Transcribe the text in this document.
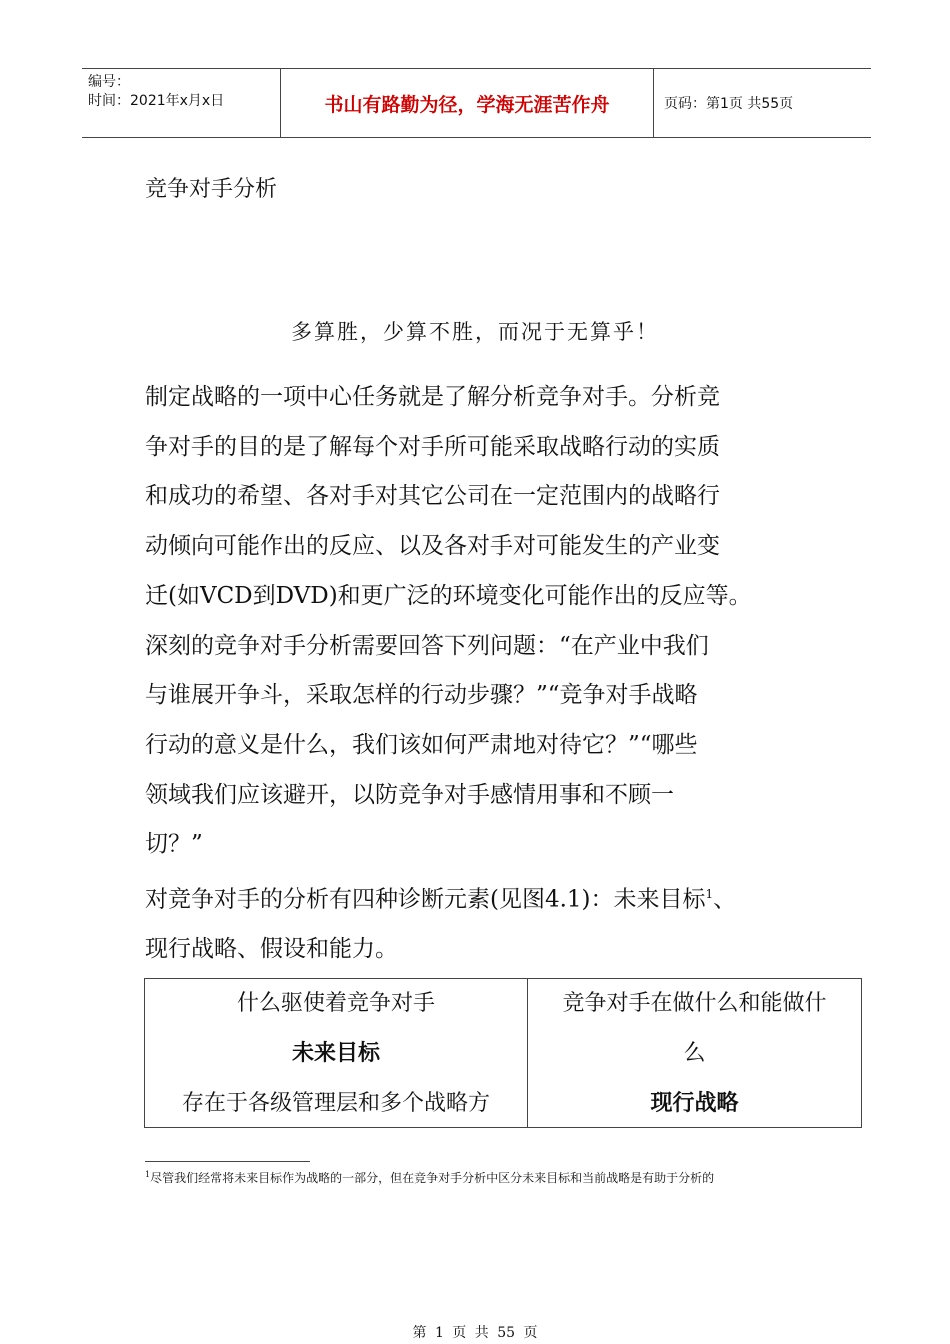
编号：
时间：2021年x月x日	书山有路勤为径，学海无涯苦作舟	页码：第1页 共55页
竞争对手分析
多算胜，少算不胜，而况于无算乎！
制定战略的一项中心任务就是了解分析竞争对手。分析竞
争对手的目的是了解每个对手所可能采取战略行动的实质
和成功的希望、各对手对其它公司在一定范围内的战略行
动倾向可能作出的反应、以及各对手对可能发生的产业变
迁(如VCD到DVD)和更广泛的环境变化可能作出的反应等。
深刻的竞争对手分析需要回答下列问题：“在产业中我们
与谁展开争斗，采取怎样的行动步骤？”“竞争对手战略
行动的意义是什么，我们该如何严肃地对待它？”“哪些
领域我们应该避开，以防竞争对手感情用事和不顾一
切？”
对竞争对手的分析有四种诊断元素(见图4.1)：未来目标$^1$、
现行战略、假设和能力。
什么驱使着竞争对手
未来目标
存在于各级管理层和多个战略方
竞争对手在做什么和能做什
么
现行战略
$^1$尽管我们经常将未来目标作为战略的一部分，但在竞争对手分析中区分未来目标和当前战略是有助于分析的
第 1 页 共 55 页
